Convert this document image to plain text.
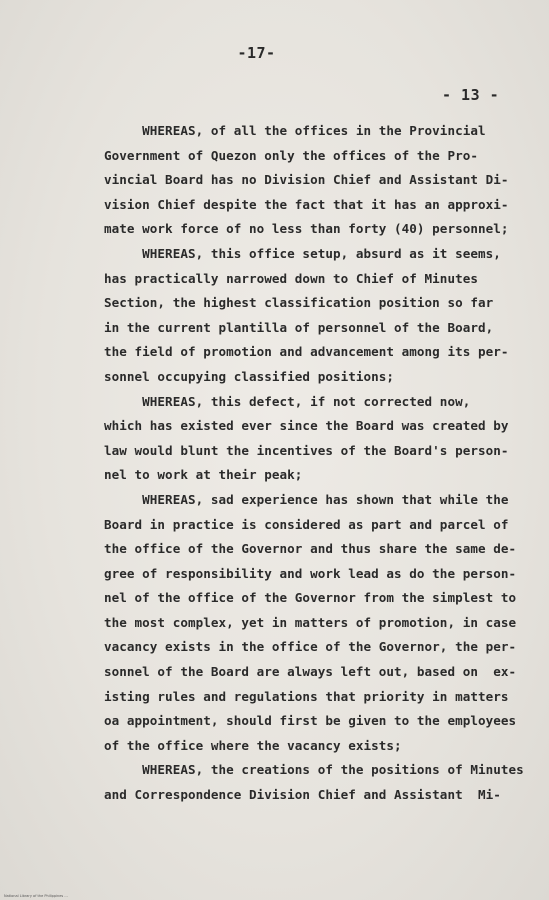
-17-
- 13 -
WHEREAS, of all the offices in the Provincial
Government of Quezon only the offices of the Pro-
vincial Board has no Division Chief and Assistant Di-
vision Chief despite the fact that it has an approxi-
mate work force of no less than forty (40) personnel;
WHEREAS, this office setup, absurd as it seems,
has practically narrowed down to Chief of Minutes
Section, the highest classification position so far
in the current plantilla of personnel of the Board,
the field of promotion and advancement among its per-
sonnel occupying classified positions;
WHEREAS, this defect, if not corrected now,
which has existed ever since the Board was created by
law would blunt the incentives of the Board's person-
nel to work at their peak;
WHEREAS, sad experience has shown that while the
Board in practice is considered as part and parcel of
the office of the Governor and thus share the same de-
gree of responsibility and work lead as do the person-
nel of the office of the Governor from the simplest to
the most complex, yet in matters of promotion, in case
vacancy exists in the office of the Governor, the per-
sonnel of the Board are always left out, based on  ex-
isting rules and regulations that priority in matters
oa appointment, should first be given to the employees
of the office where the vacancy exists;
WHEREAS, the creations of the positions of Minutes
and Correspondence Division Chief and Assistant  Mi-
National Library of the Philippines ...
